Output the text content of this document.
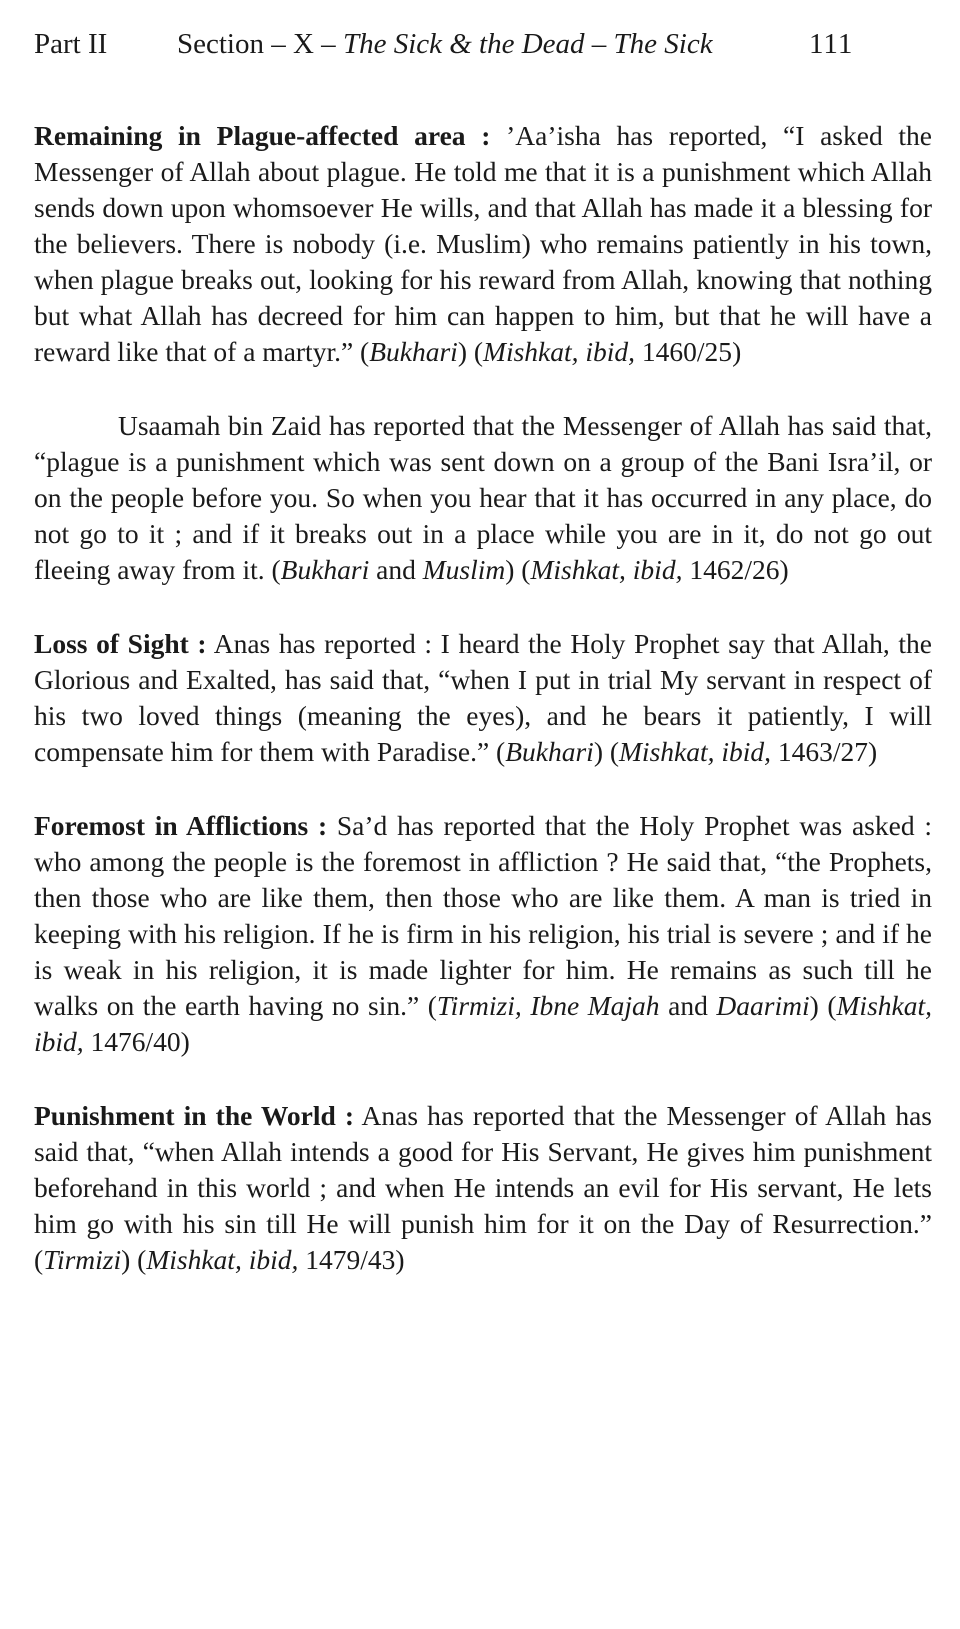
Part II	Section – X – The Sick & the Dead – The Sick	111

Remaining in Plague-affected area : ’Aa’isha has reported, “I asked the Messenger of Allah about plague. He told me that it is a punishment which Allah sends down upon whomsoever He wills, and that Allah has made it a blessing for the believers. There is nobody (i.e. Muslim) who remains patiently in his town, when plague breaks out, looking for his reward from Allah, knowing that nothing but what Allah has decreed for him can happen to him, but that he will have a reward like that of a martyr.” (Bukhari) (Mishkat, ibid, 1460/25)

Usaamah bin Zaid has reported that the Messenger of Allah has said that, “plague is a punishment which was sent down on a group of the Bani Isra’il, or on the people before you. So when you hear that it has occurred in any place, do not go to it ; and if it breaks out in a place while you are in it, do not go out fleeing away from it. (Bukhari and Muslim) (Mishkat, ibid, 1462/26)

Loss of Sight : Anas has reported : I heard the Holy Prophet say that Allah, the Glorious and Exalted, has said that, “when I put in trial My servant in respect of his two loved things (meaning the eyes), and he bears it patiently, I will compensate him for them with Paradise.” (Bukhari) (Mishkat, ibid, 1463/27)

Foremost in Afflictions : Sa’d has reported that the Holy Prophet was asked : who among the people is the foremost in affliction ? He said that, “the Prophets, then those who are like them, then those who are like them. A man is tried in keeping with his religion. If he is firm in his religion, his trial is severe ; and if he is weak in his religion, it is made lighter for him. He remains as such till he walks on the earth having no sin.” (Tirmizi, Ibne Majah and Daarimi) (Mishkat, ibid, 1476/40)

Punishment in the World : Anas has reported that the Messenger of Allah has said that, “when Allah intends a good for His Servant, He gives him punishment beforehand in this world ; and when He intends an evil for His servant, He lets him go with his sin till He will punish him for it on the Day of Resurrection.” (Tirmizi) (Mishkat, ibid, 1479/43)
